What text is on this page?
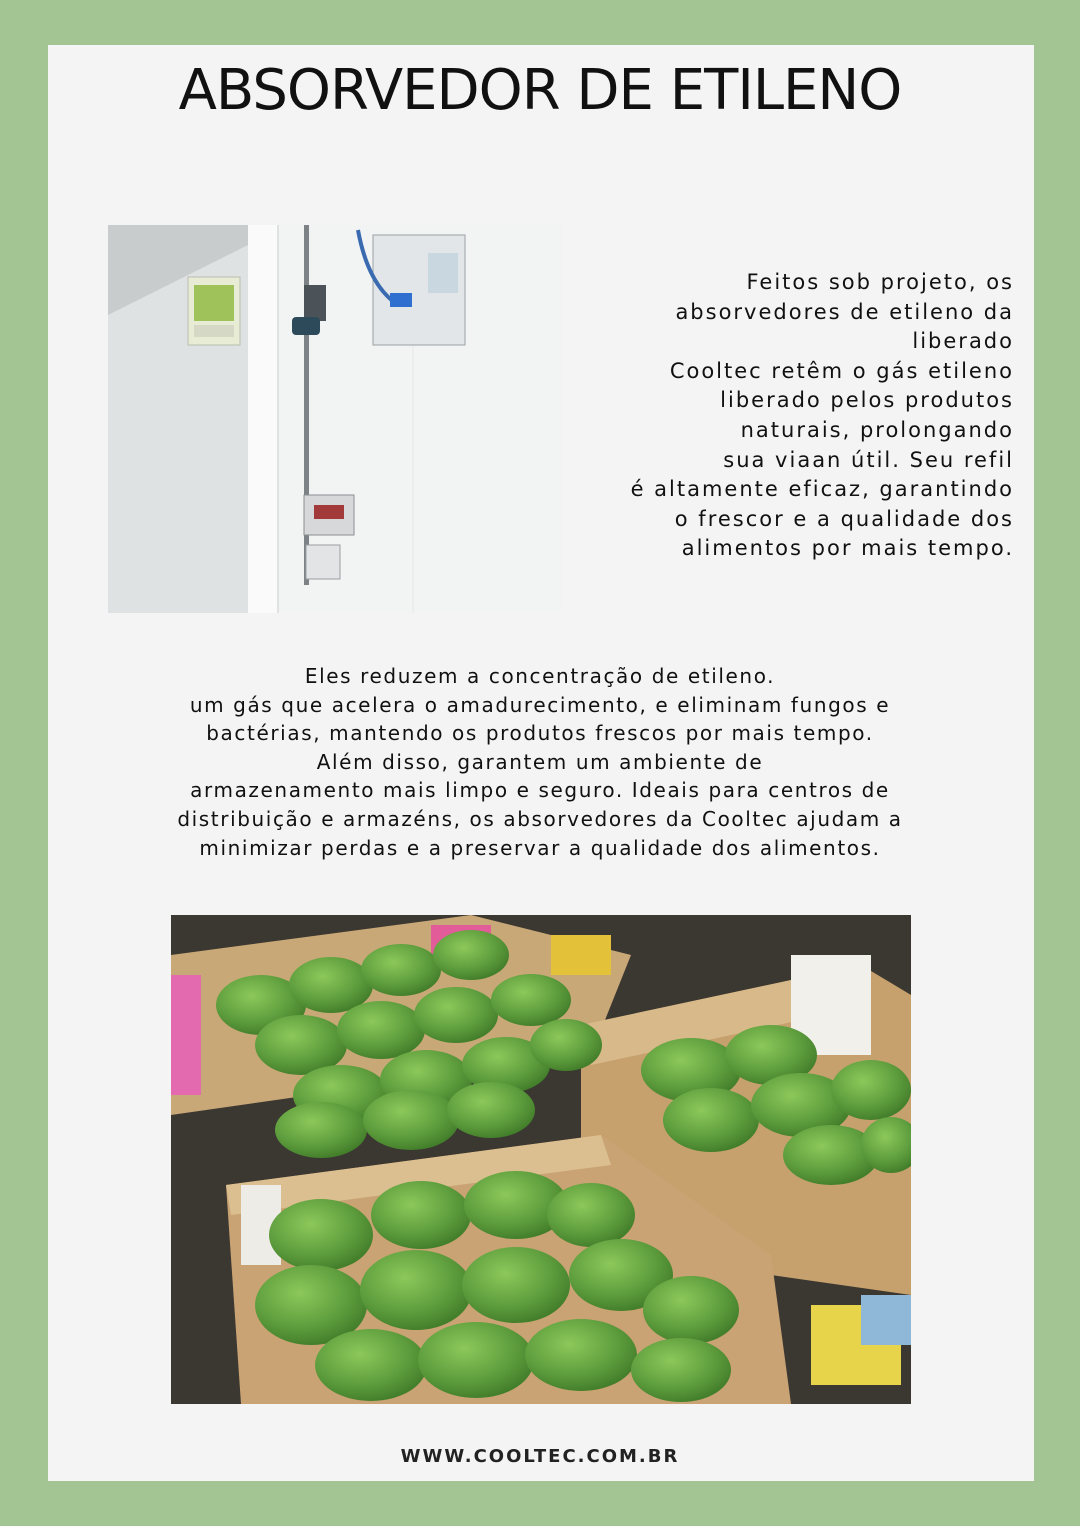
ABSORVEDOR DE ETILENO

Feitos sob projeto, os
absorvedores de etileno da
liberado
Cooltec retêm o gás etileno
liberado pelos produtos
naturais, prolongando
sua viaan útil. Seu refil
é altamente eficaz, garantindo
o frescor e a qualidade dos
alimentos por mais tempo.

Eles reduzem a concentração de etileno.
um gás que acelera o amadurecimento, e eliminam fungos e
bactérias, mantendo os produtos frescos por mais tempo.
Além disso, garantem um ambiente de
armazenamento mais limpo e seguro. Ideais para centros de
distribuição e armazéns, os absorvedores da Cooltec ajudam a
minimizar perdas e a preservar a qualidade dos alimentos.

WWW.COOLTEC.COM.BR
